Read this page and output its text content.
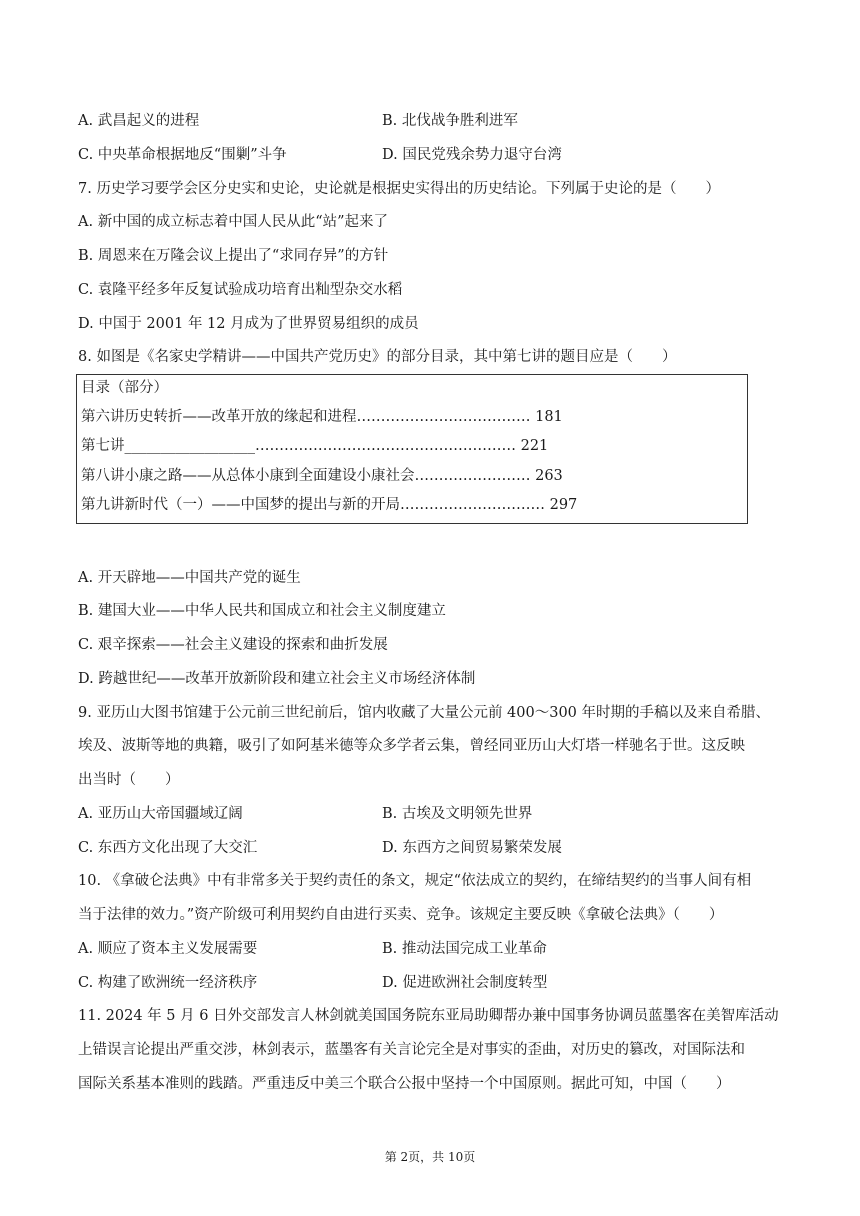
A. 武昌起义的进程	B. 北伐战争胜利进军
C. 中央革命根据地反“围剿”斗争	D. 国民党残余势力退守台湾
7. 历史学习要学会区分史实和史论，史论就是根据史实得出的历史结论。下列属于史论的是（　　）
A. 新中国的成立标志着中国人民从此“站”起来了
B. 周恩来在万隆会议上提出了“求同存异”的方针
C. 袁隆平经多年反复试验成功培育出籼型杂交水稻
D. 中国于 2001 年 12 月成为了世界贸易组织的成员
8. 如图是《名家史学精讲——中国共产党历史》的部分目录，其中第七讲的题目应是（　　）
目录（部分）
第六讲历史转折——改革开放的缘起和进程……………………………… 181
第七讲__________________……………………………………………… 221
第八讲小康之路——从总体小康到全面建设小康社会…………………… 263
第九讲新时代（一）——中国梦的提出与新的开局………………………… 297
A. 开天辟地——中国共产党的诞生
B. 建国大业——中华人民共和国成立和社会主义制度建立
C. 艰辛探索——社会主义建设的探索和曲折发展
D. 跨越世纪——改革开放新阶段和建立社会主义市场经济体制
9. 亚历山大图书馆建于公元前三世纪前后，馆内收藏了大量公元前 400～300 年时期的手稿以及来自希腊、
埃及、波斯等地的典籍，吸引了如阿基米德等众多学者云集，曾经同亚历山大灯塔一样驰名于世。这反映
出当时（　　）
A. 亚历山大帝国疆域辽阔	B. 古埃及文明领先世界
C. 东西方文化出现了大交汇	D. 东西方之间贸易繁荣发展
10. 《拿破仑法典》中有非常多关于契约责任的条文，规定“依法成立的契约，在缔结契约的当事人间有相
当于法律的效力。”资产阶级可利用契约自由进行买卖、竞争。该规定主要反映《拿破仑法典》（　　）
A. 顺应了资本主义发展需要	B. 推动法国完成工业革命
C. 构建了欧洲统一经济秩序	D. 促进欧洲社会制度转型
11. 2024 年 5 月 6 日外交部发言人林剑就美国国务院东亚局助卿帮办兼中国事务协调员蓝墨客在美智库活动
上错误言论提出严重交涉，林剑表示，蓝墨客有关言论完全是对事实的歪曲，对历史的篡改，对国际法和
国际关系基本准则的践踏。严重违反中美三个联合公报中坚持一个中国原则。据此可知，中国（　　）
第 2页，共 10页
